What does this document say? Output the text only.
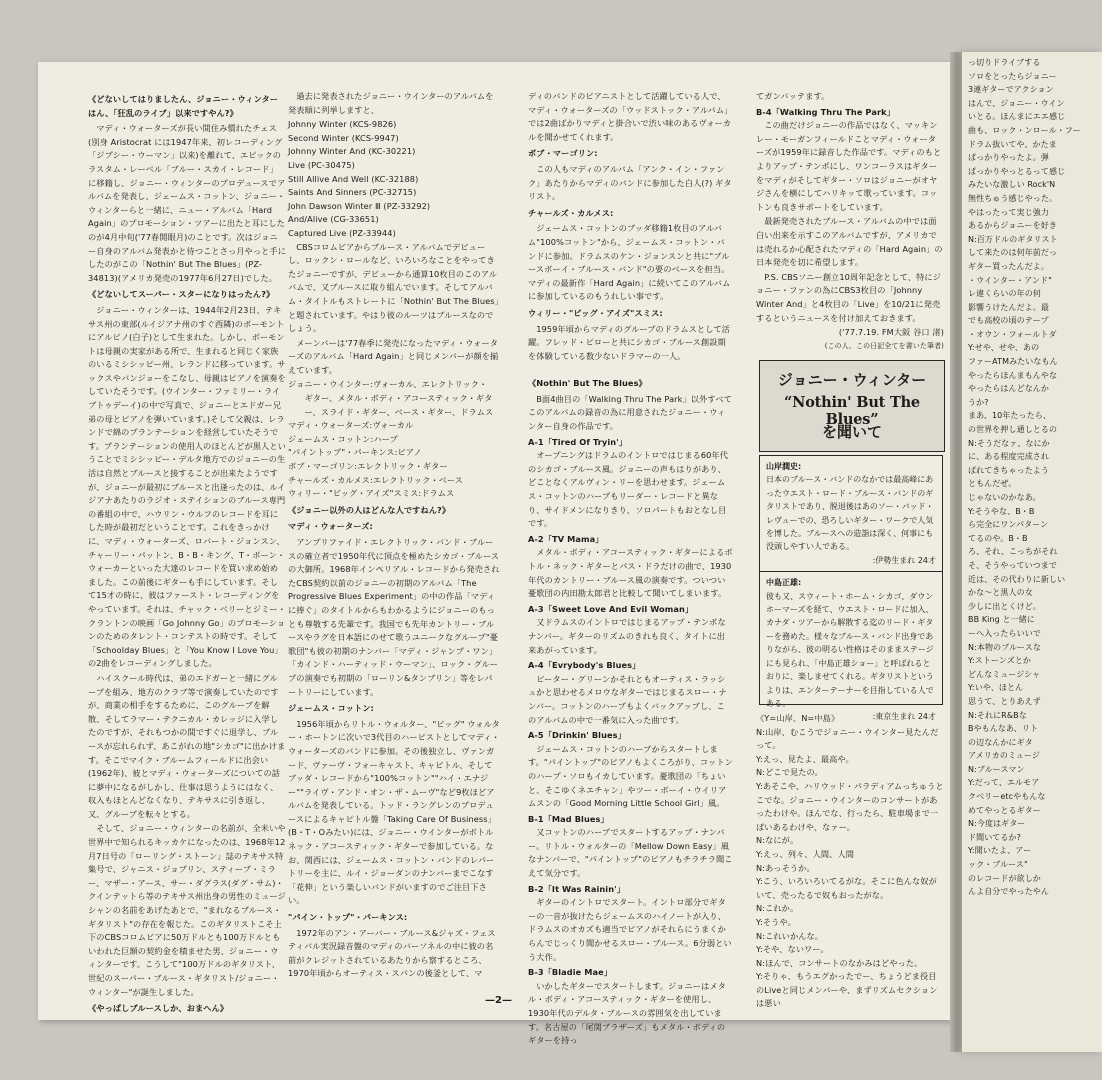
《どないしてはりましたん、ジョニー・ウィンターはん、「狂乱のライブ」以来ですやん?》

マディ・ウォーターズが長い間住み慣れたチェス(別身 Aristocrat には1947年来、初レコーディング「ジプシー・ウーマン」以来)を離れて、エピックのラスタム・レーベル「ブルー・スカイ・レコード」に移籍し、ジョニー・ウィンターのプロデュースでアルバムを発表し、ジェームス・コットン、ジョニー・ウィンターらと一緒に、ニュー・アルバム「Hard Again」のプロモーション・ツアーに出たと耳にしたのが4月中旬('77春開眼月)のことです。次はジョニー自身のアルバム発表かと待つことさっ月やっと手にしたのがこの「Nothin' But The Blues」(PZ-34813)(アメリカ発売の1977年6月27日)でした。

《どないしてスーパー・スターになりはったん?》

ジョニー・ウィンターは、1944年2月23日、テキサス州の東部(ルイジアナ州のすぐ西隣)のボーモントにアルビノ(白子)として生まれた。しかし、ボーモントは母親の実家がある所で、生まれると同じく家族のいるミシシッピー州、レランドに移っています。サックスやバンジョーをこなし、母親はピアノを演奏をしていたそうです。(ウインター・ファミリー・ライブトゥデーイ)の中で写真で、ジョニーとエドガー兄弟の母とピアノを弾いています。)そして父親は、レランドで綿のプランテーションを経営していたそうです。プランテーションの使用人のほとんどが黒人ということでミシシッピー・デルタ地方でのジョニーの生活は自然とブルースと接することが出来たようですが、ジョニーが最初にブルースと出逢ったのは、ルイジアナあたりのラジオ・ステイションのブルース専門の番組の中で、ハウリン・ウルフのレコードを耳にした時が最初だということです。これをきっかけに、マディ・ウォーターズ、ロバート・ジョンスン、チャーリー・パットン、B・B・キング、T・ボーン・ウォーカーといった大達のレコードを買い求め始めました。この前後にギターも手にしています。そして15才の時に、彼はファースト・レコーディングをやっています。それは、チャック・ベリーとジミー・クラントンの映画「Go Johnny Go」のプロモーションのためのタレント・コンテストの時です。そして「Schoolday Blues」と「You Know I Love You」の2曲をレコーディングしました。

ハイスクール時代は、弟のエドガーと一緒にグループを組み、地方のクラブ等で演奏していたのですが、商業の相手をするために、このグループを解散、そしてラマー・テクニカル・カレッジに入学したのですが、それもつかの間ですぐに退学し、ブルースが忘れられず、あこがれの地"シカゴ"に出かけます。そこでマイク・ブルームフィールドに出会い(1962年)、彼とマディ・ウォーターズについての話に夢中になるがしかし、仕事は思うようにはなく、収入もほとんどなくなり、テキサスに引き返し、又、グループを転々とする。

そして、ジョニー・ウィンターの名前が、全米いや世界中で知られるキッカケになったのは、1968年12月7日号の「ローリング・ストーン」誌のテキサス特集号で、ジャニス・ジョプリン、スティーブ・ミラー、マザー・アース、サー・ダグラス(ダグ・サム)・クインテットら等のテキサス州出身の男性のミュージシャンの名前をあげたあとで、"まれなるブルース・ギタリスト"の存在を報じた。このギタリストこそ上下のCBSコロムビアに50万ドルとも100万ドルともいわれた巨額の契約金を積ませた男、ジョニー・ウィンターです。こうして"100万ドルのギタリスト、世紀のスーパー・ブルース・ギタリスト/ジョニー・ウィンター"が誕生しました。

《やっぱしブルースしか、おまへん》

過去に発表されたジョニー・ウインターのアルバムを発表順に列挙しますと、

Johnny Winter (KCS-9826)
Second Winter (KCS-9947)
Johnny Winter And (KC-30221)
Live (PC-30475)
Still Allive And Well (KC-32188)
Saints And Sinners (PC-32715)
John Dawson Winter Ⅲ (PZ-33292)
And/Alive (CG-33651)
Captured Live (PZ-33944)

CBSコロムビアからブルース・アルバムでデビューし、ロックン・ロールなど、いろいろなことをやってきたジョニーですが、デビューから通算10枚目のこのアルバムで、又ブルースに取り組んでいます。そしてアルバム・タイトルもストレートに「Nothin' But The Blues」と題されています。やはり彼のルーツはブルースなのでしょう。

メーンバーは'77春季に発売になったマディ・ウォーターズのアルバム「Hard Again」と同じメンバーが顔を揃えています。

ジョニー・ウインター:ヴォーカル、エレクトリック・
　　ギター、メタル・ボディ・アコースティック・ギタ
　　ー、スライド・ギター、ベース・ギター、ドラムス
マディ・ウォーターズ:ヴォーカル
ジェームス・コットン:ハープ
"パイントップ"・パーキンス:ピアノ
ボブ・マーゴリン:エレクトリック・ギター
チャールズ・カルメス:エレクトリック・ベース
ウィリー・"ビッグ・アイズ"スミス:ドラムス
《ジョニー以外の人はどんな人ですねん?》
マディ・ウォーターズ:

アンプリファイド・エレクトリック・バンド・ブルースの確立者で1950年代に頂点を極めたシカゴ・ブルースの大御所。1968年インペリアル・レコードから発売されたCBS契約以前のジョニーの初期のアルバム「The Progressive Blues Experiment」の中の作品「マディに捧ぐ」のタイトルからもわかるようにジョニーのもっとも尊敬する先輩です。我国でも先年カントリー・ブルースやラグを日本語にのせて歌うユニークなグループ"憂歌団"も彼の初期のナンバー「マディ・ジャンプ・ワン」「カインド・ハーティッド・ウーマン」、ロック・グループの演奏でも初期の「ローリン&タンブリン」等をレパートリーにしています。

ジェームス・コットン:

1956年頃からリトル・ウォルター、"ビッグ" ウォルター・ホートンに次いで3代目のハーピストとしてマディ・ウォーターズのバンドに参加。その後独立し、ヴァンガード、ヴァーヴ・フォーキャスト、キャピトル、そしてブッダ・レコードから"100%コットン""ハイ・エナジー""ライヴ・アンド・オン・ザ・ムーヴ"など9枚ほどアルバムを発表している。トッド・ラングレンのプロデュースによるキャピトル盤「Taking Care Of Business」(B・T・Oみたい)には、ジョニー・ウインターがボトルネック・アコースティック・ギターで参加している。なお、関西には、ジェームス・コットン・バンドのレパートリーを主に、ルイ・ジョーダンのナンバーまでこなす「花伸」という楽しいバンドがいますのでご注目下さい。

"パイン・トップ"・パーキンス:

1972年のアン・アーバー・ブルース&ジャズ・フェスティバル実況録音盤のマディのバーソネルの中に彼の名前がクレジットされているあたりから察するところ、1970年頃からオーティス・スパンの後釜として、マ

ディのバンドのピアニストとして活躍している人で、マディ・ウォーターズの「ウッドストック・アルバム」では2曲ばかりマディと掛合いで渋い味のあるヴォーカルを聞かせてくれます。

ボブ・マーゴリン:

この人もマディのアルバム「アンク・イン・ファンク」あたりからマディのバンドに参加した白人(?) ギタリスト。

チャールズ・カルメス:

ジェームス・コットンのブッダ移籍1枚目のアルバム"100%コットン"から、ジェームス・コットン・バンドに参加。ドラムスのケン・ジョンスンと共に"ブルースボーイ・ブルース・バンド"の要のベースを担当。マディの最新作「Hard Again」に続いてこのアルバムに参加しているのもうれしい事です。

ウィリー・"ビッグ・アイズ"スミス:

1959年頃からマディのグループのドラムスとして活躍。フレッド・ビローと共にシカゴ・ブルース創設期を体験している数少ないドラマーの一人。

《Nothin' But The Blues》

B面4曲目の「Walking Thru The Park」以外すべてこのアルバムの録音の為に用意されたジョニー・ウィンター自身の作品です。

A-1「Tired Of Tryin'」

オープニングはドラムのイントロではじまる60年代のシカゴ・ブルース風。ジョニーの声もはりがあり、どことなくアルヴィン・リーを思わせます。ジェームス・コットンのハープもリーダー・レコードと異なり、サイドメンになりきり、ソロパートもおとなし目です。

A-2「TV Mama」

メタル・ボディ・アコースティック・ギターによるボトル・ネック・ギターとパス・ドラだけの曲で、1930年代のカントリー・ブルース風の演奏です。ついつい憂歌団の内田勘太郎君と比較して聞いてしまいます。

A-3「Sweet Love And Evil Woman」

又ドラムスのイントロではじまるアップ・テンポなナンバー。ギターのリズムのきれも良く、タイトに出来あがっています。

A-4「Evrybody's Blues」

ピーター・グリーンかそれともオーティス・ラッシュかと思わせるメロウなギターではじまるスロー・ナンバー。コットンのハープもよくバックアップし、このアルバムの中で一番気に入った曲です。

A-5「Drinkin' Blues」

ジェームス・コットンのハープからスタートします。"パイントップ"のピアノもよくころがり、コットンのハープ・ソロもイカしています。憂歌団の「ちょいと、そこゆくネエチャン」やツー・ボーイ・ウイリアムスンの「Good Morning Little School Girl」風。

B-1「Mad Blues」

又コットンのハープでスタートするアップ・ナンバー。リトル・ウォルターの「Mellow Down Easy」風なナンバーで、"パイントップ"のピアノもチラチラ聞こえて気分です。

B-2「It Was Rainin'」

ギターのイントロでスタート。イントロ部分でギターの一音が抜けたらジェームスのハイノートが入り、ドラムスのオカズも適当でピアノがそれらにうまくからんでじっくり聞かせるスロー・ブルース。6分弱という大作。

B-3「Bladie Mae」

いかしたギターでスタートします。ジョニーはメタル・ボディ・アコースティック・ギターを使用し、1930年代のデルタ・ブルースの雰囲気を出しています。名古屋の「尾関ブラザーズ」もメタル・ボディのギターを持っ

てガンバッテます。

B-4「Walking Thru The Park」

この曲だけジョニーの作品ではなく、マッキンレー・モーガンフィールドことマディ・ウォーターズが1959年に録音した作品です。マディのもとよりアップ・テンポにし、ワンコーラスはギターをマディがそしてギター・ソロはジョニーがオヤジさんを横にしてハリキッて歌っています。コットンも良きサポートをしています。

最新発売されたブルース・アルバムの中では面白い出来を示すこのアルバムですが、アメリカでは売れるか心配されたマディの「Hard Again」の日本発売を切に希望します。

P.S. CBSソニー創立10周年記念として、特にジョニー・ファンの為にCBS3枚目の「Johnny Winter And」と4枚目の「Live」を10/21に発売するというニュースを付け加えておきます。

('77.7.19. FM大阪 谷口 渚)
(この人、この日記全てを書いた筆者)
ジョニー・ウィンター
“Nothin' But The Blues”
を聞いて
山岸潤史:
日本のブルース・バンドのなかでは最高峰にあったウエスト・ロード・ブルース・バンドのギタリストであり、脱退後はあのソー・バッド・レヴューでの、恐ろしいギター・ワークで人気を博した。ブルースへの造詣は深く、何事にも没頭しやすい人である。
:伊勢生まれ 24才
中島正雄:
彼も又、スウィート・ホーム・シカゴ、ダウンホーマーズを経て、ウエスト・ロードに加入、カナダ・ツアーから解散する迄のリード・ギターを務めた。様々なブルース・バンド出身でありながら、彼の明るい性格はそのままステージにも見られ、「中島正雄ショー」と呼ばれるとおりに、楽しませてくれる。ギタリストというよりは、エンターテーナーを目指している人である。
:東京生まれ 24才
《Y=山岸、N=中島》
N:山岸、むこうでジョニー・ウインター見たんだって。
Y:えっ、見たよ、最高や。
N:どこで見たの。
Y:あそこや、ハリウッド・パラディアムっちゅうとこでな。ジョニー・ウインターのコンサートがあったわけや。ほんでな、行ったら、駐車場まで一ぱいあるわけや、なァー。
N:なにが。
Y:えっ、列々、人間、人間
N:あっそうか。
Y:こう、いろいろいてるがな。そこに色んな奴がいて、売ったるで奴もおったがな。
N:これか。
Y:そうや。
N:これいかんな。
Y:そや、ないワー。
N:ほんで、コンサートのなかみはどやった。
Y:そりゃ、もうエグかったでー、ちょうどま役目のLiveと同じメンバーや、まずリズムセクションは悪い
—2—
っ切りドライブする
ソロをとったらジョニー
3連ギターでアクション
はんで、ジョニー・ウイン
いとる。ほんまにエエ感じ
曲も、ロック・ンロール・フー
ドラム抜いてや、かたま
ぱっかりやったよ。弾
ぱっかりやっとるって感じ
みたいな激しい Rock'N
無性ちゅう感じやった。
やはったって実じ強力
あるからジョニーを好き
N:百万ドルのギタリスト
して来たのは何年前だっ
ギター買ったんだよ。
・ウインター・アンド"
レ違くらいの年の何
影響うけたんだよ。最
でも高校の頃のテープ
・オウン・フォールトダ
Y:せや、せや、あの
ファーATMみたいなもん
やったらほんまもんやな
やったらはんどなんか
うか?
まあ、10年たったら、
の世界を押し通しとるの
N:そうだなァ、なにか
に、ある程度完成され
ばれてきちゃったよう
ともんだぜ。
じゃないのかなあ。
Y:そうやな、B・B
ら完全にワンパターン
てるのや。B・B
ろ、それ、こっちがそれ
そ、そうやっていつまで
近は、その代わりに新しい
かな〜と黒人の女
少しに出とくけど。
BB King と一緒に
ーへ入ったらいいで
N:本物のブルースな
Y:ストーンズとか
どんなミュージシャ
Y:いや、ほとん
思うて、とりあえず
N:それにR&Bな
Bやもんなあ、リト
の辺なんかにギタ
アメリカのミュージ
N:ブルースマン
Y:だって、エルモア
クベリーetcやもんな
めてやっとるギター
N:今度はギター
ド聞いてるか?
Y:聞いたよ、アー
ック・ブルース"
のレコードが欲しか
んよ自分でやったやん
